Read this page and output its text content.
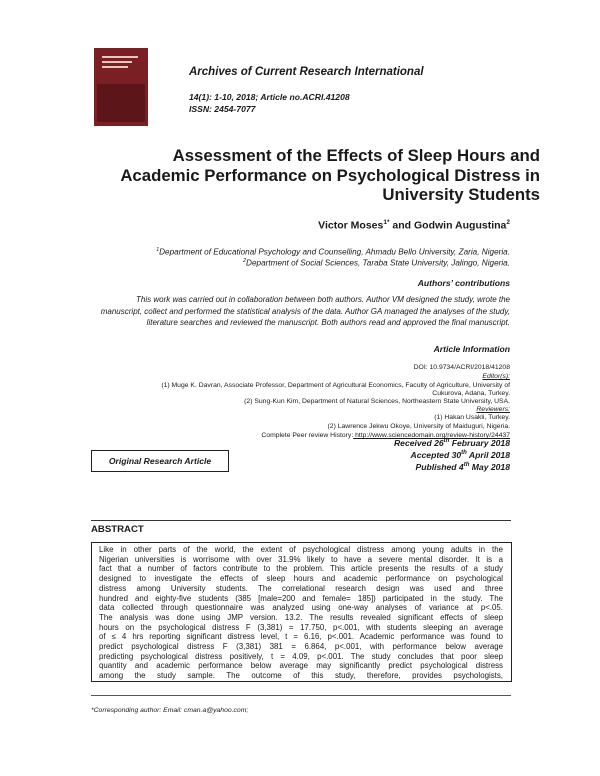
Archives of Current Research International
14(1): 1-10, 2018; Article no.ACRI.41208
ISSN: 2454-7077
Assessment of the Effects of Sleep Hours and
Academic Performance on Psychological Distress in
University Students
Victor Moses$^{1*}$ and Godwin Augustina$^2$
$^1$Department of Educational Psychology and Counselling, Ahmadu Bello University, Zaria, Nigeria.
$^2$Department of Social Sciences, Taraba State University, Jalingo, Nigeria.
Authors’ contributions
This work was carried out in collaboration between both authors. Author VM designed the study, wrote the manuscript, collect and performed the statistical analysis of the data. Author GA managed the analyses of the study, literature searches and reviewed the manuscript. Both authors read and approved the final manuscript.
Article Information
DOI: 10.9734/ACRI/2018/41208
Editor(s):
(1) Muge K. Davran, Associate Professor, Department of Agricultural Economics, Faculty of Agriculture, University of
Cukurova, Adana, Turkey.
(2) Sung-Kun Kim, Department of Natural Sciences, Northeastern State University, USA.
Reviewers:
(1) Hakan Usakli, Turkey.
(2) Lawrence Jekwu Okoye, University of Maiduguri, Nigeria.
Complete Peer review History: http://www.sciencedomain.org/review-history/24437
Original Research Article
Received 26th February 2018
Accepted 30th April 2018
Published 4th May 2018
ABSTRACT
Like in other parts of the world, the extent of psychological distress among young adults in the
Nigerian universities is worrisome with over 31.9% likely to have a severe mental disorder. It is a
fact that a number of factors contribute to the problem. This article presents the results of a study
designed to investigate the effects of sleep hours and academic performance on psychological
distress among University students. The correlational research design was used and three
hundred and eighty-five students (385 [male=200 and female= 185]) participated in the study. The
data collected through questionnaire was analyzed using one-way analyses of variance at p<.05.
The analysis was done using JMP version. 13.2. The results revealed significant effects of sleep
hours on the psychological distress F (3,381) = 17.750, p<.001, with students sleeping an average
of ≤ 4 hrs reporting significant distress level, t = 6.16, p<.001. Academic performance was found to
predict psychological distress F (3,381) 381 = 6.864, p<.001, with performance below average
predicting psychological distress positively, t = 4.09, p<.001. The study concludes that poor sleep
quantity and academic performance below average may significantly predict psychological distress
among the study sample. The outcome of this study, therefore, provides psychologists,
*Corresponding author: Email: cman.a@yahoo.com;
